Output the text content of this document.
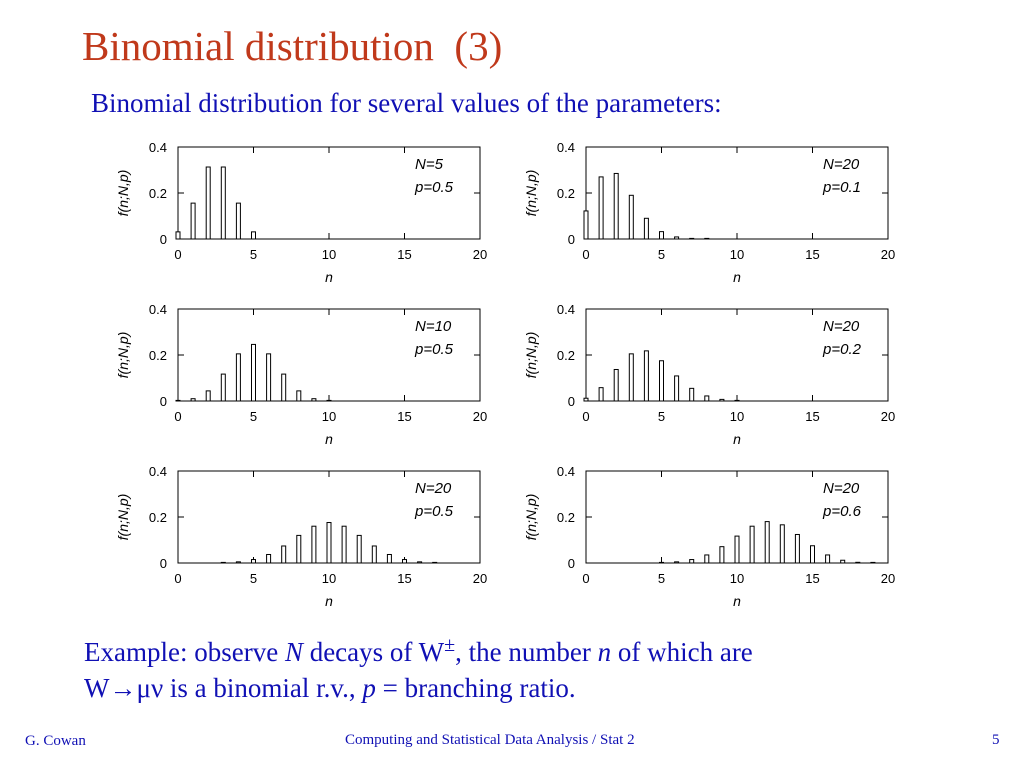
Binomial distribution  (3)
Binomial distribution for several values of the parameters:
0
0.2
0.4
0	5	10	15	20
n
f(n;N,p)
N=5
p=0.5
0
0.2
0.4
0	5	10	15	20
n
f(n;N,p)
N=20
p=0.1
0
0.2
0.4
0	5	10	15	20
n
f(n;N,p)
N=10
p=0.5
0
0.2
0.4
0	5	10	15	20
n
f(n;N,p)
N=20
p=0.2
0
0.2
0.4
0	5	10	15	20
n
f(n;N,p)
N=20
p=0.5
0
0.2
0.4
0	5	10	15	20
n
f(n;N,p)
N=20
p=0.6
Example: observe N decays of W±, the number n of which are
W→μν is a binomial r.v., p = branching ratio.
G. Cowan	Computing and Statistical Data Analysis / Stat 2	5
